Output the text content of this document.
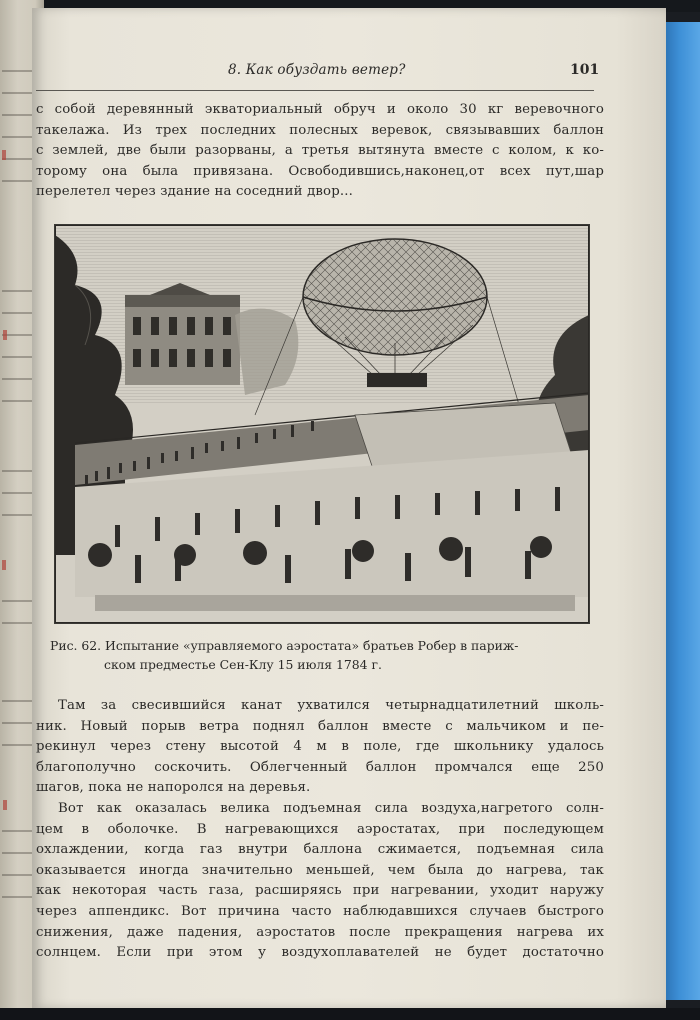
8. Как обуздать ветер?	101
с собой деревянный экваториальный обруч и около 30 кг веревочного
такелажа. Из трех последних полесных веревок, связывавших баллон
с землей, две были разорваны, а третья вытянута вместе с колом, к ко-
торому она была привязана. Освободившись,наконец,от всех пут,шар
перелетел через здание на соседний двор...
Рис. 62. Испытание «управляемого аэростата» братьев Робер в париж-
ском предместье Сен-Клу 15 июля 1784 г.
Там за свесившийся канат ухватился четырнадцатилетний школь-
ник. Новый порыв ветра поднял баллон вместе с мальчиком и пе-
рекинул через стену высотой 4 м в поле, где школьнику удалось
благополучно соскочить. Облегченный баллон промчался еще 250
шагов, пока не напоролся на деревья.
Вот как оказалась велика подъемная сила воздуха,нагретого солн-
цем в оболочке. В нагревающихся аэростатах, при последующем
охлаждении, когда газ внутри баллона сжимается, подъемная сила
оказывается иногда значительно меньшей, чем была до нагрева, так
как некоторая часть газа, расширяясь при нагревании, уходит наружу
через аппендикс. Вот причина часто наблюдавшихся случаев быстрого
снижения, даже падения, аэростатов после прекращения нагрева их
солнцем. Если при этом у воздухоплавателей не будет достаточно
